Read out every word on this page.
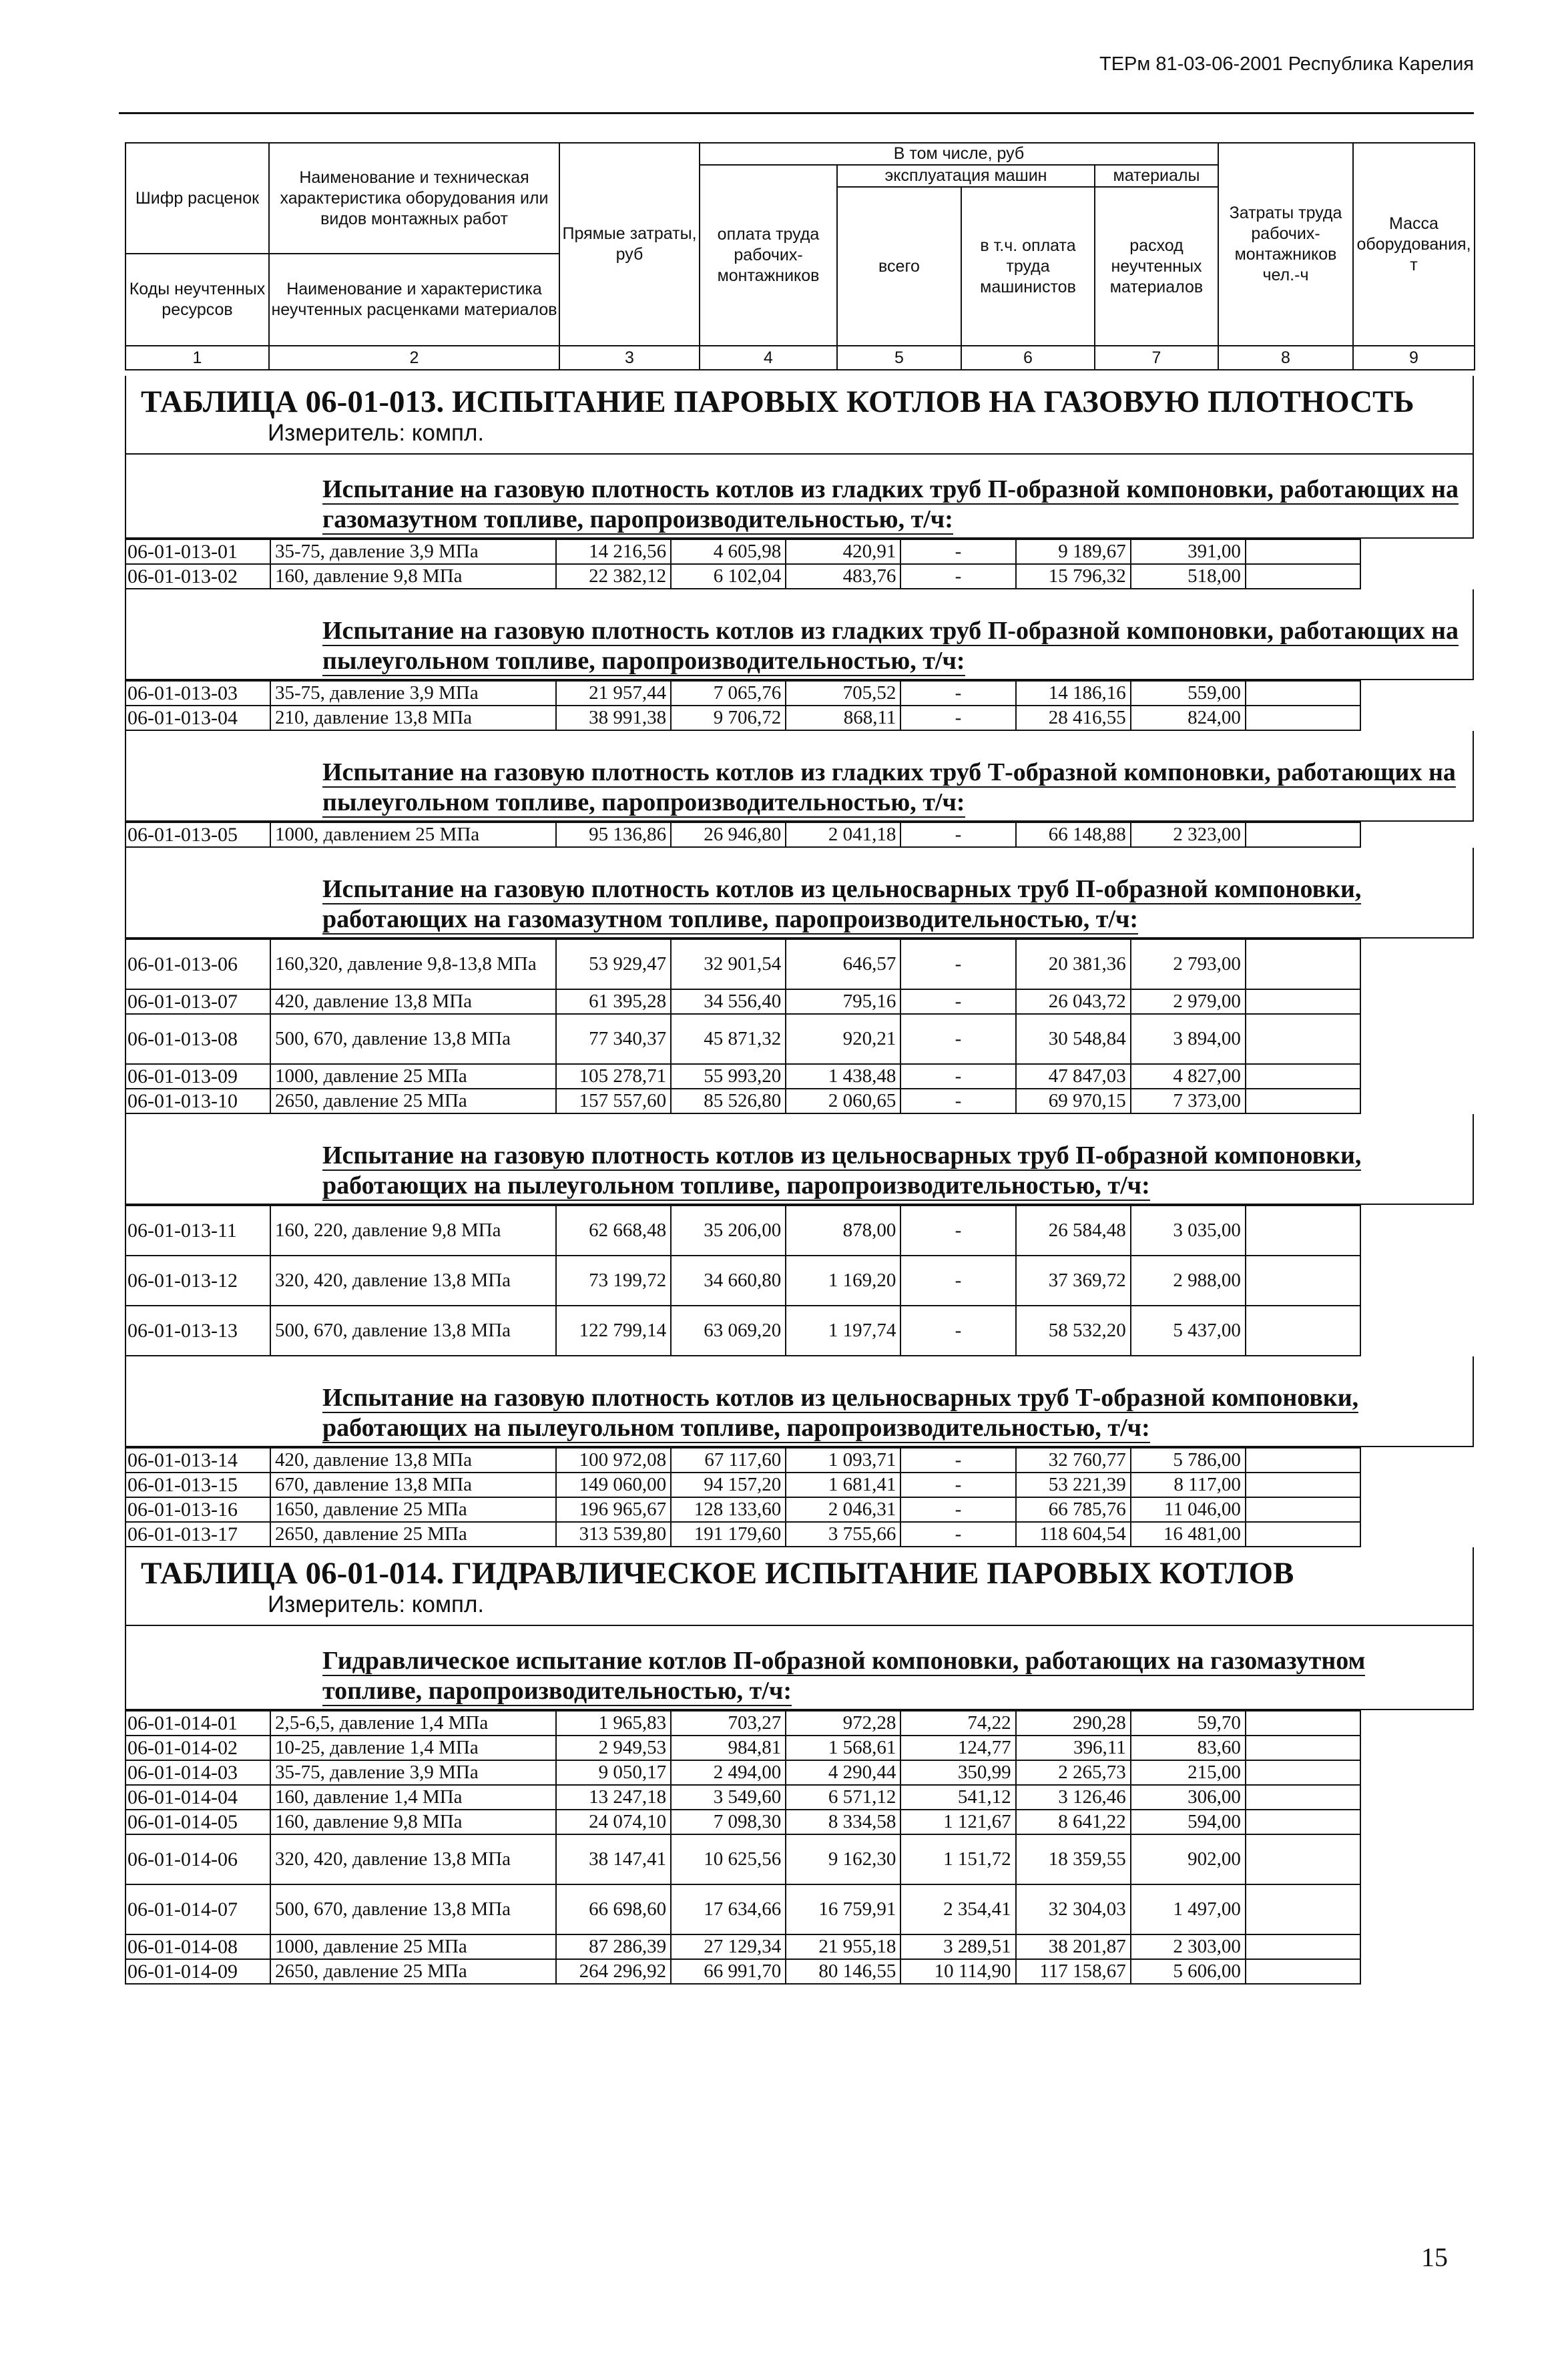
ТЕРм 81-03-06-2001 Республика Карелия
Шифр расценок	Наименование и техническая характеристика оборудования или видов монтажных работ	Прямые затраты, руб	В том числе, руб				Затраты труда рабочих-монтажников чел.-ч	Масса оборудования, т
			оплата труда рабочих-монтажников	эксплуатация машин		материалы		
				всего	в т.ч. оплата труда машинистов	расход неучтенных материалов		
Коды неучтенных ресурсов	Наименование и характеристика неучтенных расценками материалов							

1	2	3	4	5	6	7	8	9
ТАБЛИЦА 06-01-013. ИСПЫТАНИЕ ПАРОВЫХ КОТЛОВ НА ГАЗОВУЮ ПЛОТНОСТЬ
Измеритель: компл.
Испытание на газовую плотность котлов из гладких труб П-образной компоновки, работающих на газомазутном топливе, паропроизводительностью, т/ч:
06-01-013-01	35-75, давление 3,9 МПа	14 216,56	4 605,98	420,91	-	9 189,67	391,00	
06-01-013-02	160, давление 9,8 МПа	22 382,12	6 102,04	483,76	-	15 796,32	518,00	
Испытание на газовую плотность котлов из гладких труб П-образной компоновки, работающих на пылеугольном топливе, паропроизводительностью, т/ч:
06-01-013-03	35-75, давление 3,9 МПа	21 957,44	7 065,76	705,52	-	14 186,16	559,00	
06-01-013-04	210, давление 13,8 МПа	38 991,38	9 706,72	868,11	-	28 416,55	824,00	
Испытание на газовую плотность котлов из гладких труб Т-образной компоновки, работающих на пылеугольном топливе, паропроизводительностью, т/ч:
06-01-013-05	1000, давлением 25 МПа	95 136,86	26 946,80	2 041,18	-	66 148,88	2 323,00	
Испытание на газовую плотность котлов из цельносварных труб П-образной компоновки, работающих на газомазутном топливе, паропроизводительностью, т/ч:
06-01-013-06	160,320, давление 9,8-13,8 МПа	53 929,47	32 901,54	646,57	-	20 381,36	2 793,00	
06-01-013-07	420, давление 13,8 МПа	61 395,28	34 556,40	795,16	-	26 043,72	2 979,00	
06-01-013-08	500, 670, давление 13,8 МПа	77 340,37	45 871,32	920,21	-	30 548,84	3 894,00	
06-01-013-09	1000, давление 25 МПа	105 278,71	55 993,20	1 438,48	-	47 847,03	4 827,00	
06-01-013-10	2650, давление 25 МПа	157 557,60	85 526,80	2 060,65	-	69 970,15	7 373,00	
Испытание на газовую плотность котлов из цельносварных труб П-образной компоновки, работающих на пылеугольном топливе, паропроизводительностью, т/ч:
06-01-013-11	160, 220, давление 9,8 МПа	62 668,48	35 206,00	878,00	-	26 584,48	3 035,00	
06-01-013-12	320, 420, давление 13,8 МПа	73 199,72	34 660,80	1 169,20	-	37 369,72	2 988,00	
06-01-013-13	500, 670, давление 13,8 МПа	122 799,14	63 069,20	1 197,74	-	58 532,20	5 437,00	
Испытание на газовую плотность котлов из цельносварных труб Т-образной компоновки, работающих на пылеугольном топливе, паропроизводительностью, т/ч:
06-01-013-14	420, давление 13,8 МПа	100 972,08	67 117,60	1 093,71	-	32 760,77	5 786,00	
06-01-013-15	670, давление 13,8 МПа	149 060,00	94 157,20	1 681,41	-	53 221,39	8 117,00	
06-01-013-16	1650, давление 25 МПа	196 965,67	128 133,60	2 046,31	-	66 785,76	11 046,00	
06-01-013-17	2650, давление 25 МПа	313 539,80	191 179,60	3 755,66	-	118 604,54	16 481,00	
ТАБЛИЦА 06-01-014. ГИДРАВЛИЧЕСКОЕ ИСПЫТАНИЕ ПАРОВЫХ КОТЛОВ
Измеритель: компл.
Гидравлическое испытание котлов П-образной компоновки, работающих на газомазутном топливе, паропроизводительностью, т/ч:
06-01-014-01	2,5-6,5, давление 1,4 МПа	1 965,83	703,27	972,28	74,22	290,28	59,70	
06-01-014-02	10-25, давление 1,4 МПа	2 949,53	984,81	1 568,61	124,77	396,11	83,60	
06-01-014-03	35-75, давление 3,9 МПа	9 050,17	2 494,00	4 290,44	350,99	2 265,73	215,00	
06-01-014-04	160, давление 1,4 МПа	13 247,18	3 549,60	6 571,12	541,12	3 126,46	306,00	
06-01-014-05	160, давление 9,8 МПа	24 074,10	7 098,30	8 334,58	1 121,67	8 641,22	594,00	
06-01-014-06	320, 420, давление 13,8 МПа	38 147,41	10 625,56	9 162,30	1 151,72	18 359,55	902,00	
06-01-014-07	500, 670, давление 13,8 МПа	66 698,60	17 634,66	16 759,91	2 354,41	32 304,03	1 497,00	
06-01-014-08	1000, давление 25 МПа	87 286,39	27 129,34	21 955,18	3 289,51	38 201,87	2 303,00	
06-01-014-09	2650, давление 25 МПа	264 296,92	66 991,70	80 146,55	10 114,90	117 158,67	5 606,00	
15
